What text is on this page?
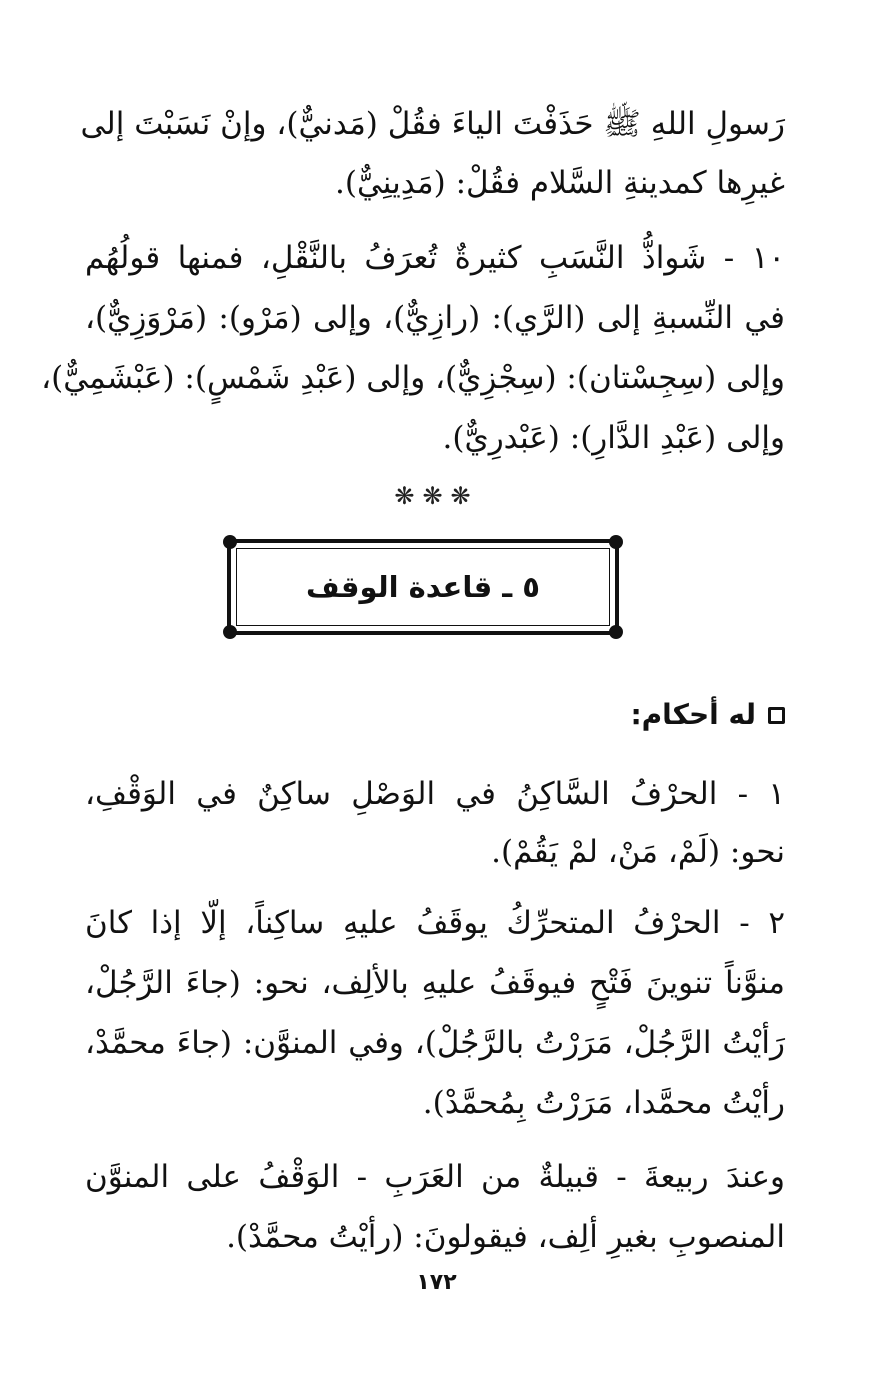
رَسولِ اللهِ ﷺ حَذَفْتَ الياءَ فقُلْ (مَدنيٌّ)، وإنْ نَسَبْتَ إلى
غيرِها كمدينةِ السَّلام فقُلْ: (مَدِينِيٌّ).
١٠ - شَواذُّ النَّسَبِ كثيرةٌ تُعرَفُ بالنَّقْلِ، فمنها قولُهُم
في النِّسبةِ إلى (الرَّي): (رازِيٌّ)، وإلى (مَرْو): (مَرْوَزِيٌّ)،
وإلى (سِجِسْتان): (سِجْزِيٌّ)، وإلى (عَبْدِ شَمْسٍ): (عَبْشَمِيٌّ)،
وإلى (عَبْدِ الدَّارِ): (عَبْدرِيٌّ).
❋❋❋
٥ ـ قاعدة الوقف
له أحكام:
١ - الحرْفُ السَّاكِنُ في الوَصْلِ ساكِنٌ في الوَقْفِ،
نحو: (لَمْ، مَنْ، لمْ يَقُمْ).
٢ - الحرْفُ المتحرِّكُ يوقَفُ عليهِ ساكِناً، إلّا إذا كانَ
منوَّناً تنوينَ فَتْحٍ فيوقَفُ عليهِ بالألِف، نحو: (جاءَ الرَّجُلْ،
رَأيْتُ الرَّجُلْ، مَرَرْتُ بالرَّجُلْ)، وفي المنوَّن: (جاءَ محمَّدْ،
رأيْتُ محمَّدا، مَرَرْتُ بِمُحمَّدْ).
وعندَ ربيعةَ - قبيلةٌ من العَرَبِ - الوَقْفُ على المنوَّن
المنصوبِ بغيرِ ألِف، فيقولونَ: (رأيْتُ محمَّدْ).
١٧٢
